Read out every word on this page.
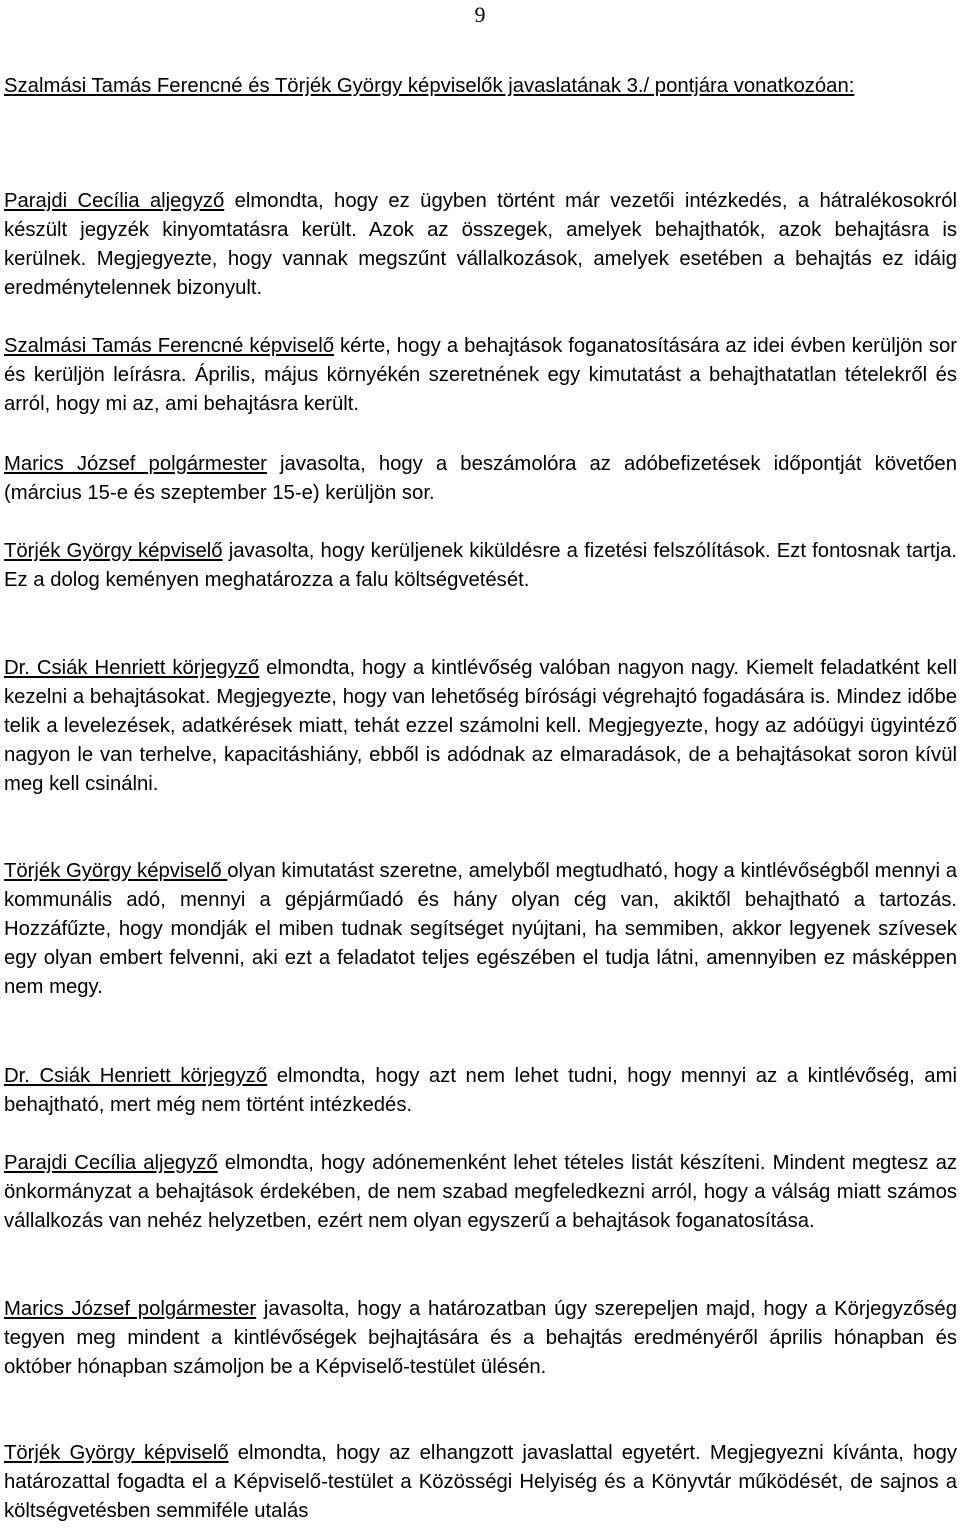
9
Szalmási Tamás Ferencné és Törjék György képviselők javaslatának 3./ pontjára vonatkozóan:
Parajdi Cecília aljegyző elmondta, hogy ez ügyben történt már vezetői intézkedés, a hátralékosokról készült jegyzék kinyomtatásra került. Azok az összegek, amelyek behajthatók, azok behajtásra is kerülnek. Megjegyezte, hogy vannak megszűnt vállalkozások, amelyek esetében a behajtás ez idáig eredménytelennek bizonyult.
Szalmási Tamás Ferencné képviselő kérte, hogy a behajtások foganatosítására az idei évben kerüljön sor és kerüljön leírásra. Április, május környékén szeretnének egy kimutatást a behajthatatlan tételekről és arról, hogy mi az, ami behajtásra került.
Marics József polgármester javasolta, hogy a beszámolóra az adóbefizetések időpontját követően (március 15-e és szeptember 15-e) kerüljön sor.
Törjék György képviselő javasolta, hogy kerüljenek kiküldésre a fizetési felszólítások. Ezt fontosnak tartja. Ez a dolog keményen meghatározza a falu költségvetését.
Dr. Csiák Henriett körjegyző elmondta, hogy a kintlévőség valóban nagyon nagy. Kiemelt feladatként kell kezelni a behajtásokat. Megjegyezte, hogy van lehetőség bírósági végrehajtó fogadására is. Mindez időbe telik a levelezések, adatkérések miatt, tehát ezzel számolni kell. Megjegyezte, hogy az adóügyi ügyintéző nagyon le van terhelve, kapacitáshiány, ebből is adódnak az elmaradások, de a behajtásokat soron kívül meg kell csinálni.
Törjék György képviselő olyan kimutatást szeretne, amelyből megtudható, hogy a kintlévőségből mennyi a kommunális adó, mennyi a gépjárműadó és hány olyan cég van, akiktől behajtható a tartozás. Hozzáfűzte, hogy mondják el miben tudnak segítséget nyújtani, ha semmiben, akkor legyenek szívesek egy olyan embert felvenni, aki ezt a feladatot teljes egészében el tudja látni, amennyiben ez másképpen nem megy.
Dr. Csiák Henriett körjegyző elmondta, hogy azt nem lehet tudni, hogy mennyi az a kintlévőség, ami behajtható, mert még nem történt intézkedés.
Parajdi Cecília aljegyző elmondta, hogy adónemenként lehet tételes listát készíteni. Mindent megtesz az önkormányzat a behajtások érdekében, de nem szabad megfeledkezni arról, hogy a válság miatt számos vállalkozás van nehéz helyzetben, ezért nem olyan egyszerű a behajtások foganatosítása.
Marics József polgármester javasolta, hogy a határozatban úgy szerepeljen majd, hogy a Körjegyzőség tegyen meg mindent a kintlévőségek bejhajtására és a behajtás eredményéről április hónapban és október hónapban számoljon be a Képviselő-testület ülésén.
Törjék György képviselő elmondta, hogy az elhangzott javaslattal egyetért. Megjegyezni kívánta, hogy határozattal fogadta el a Képviselő-testület a Közösségi Helyiség és a Könyvtár működését, de sajnos a költségvetésben semmiféle utalás
